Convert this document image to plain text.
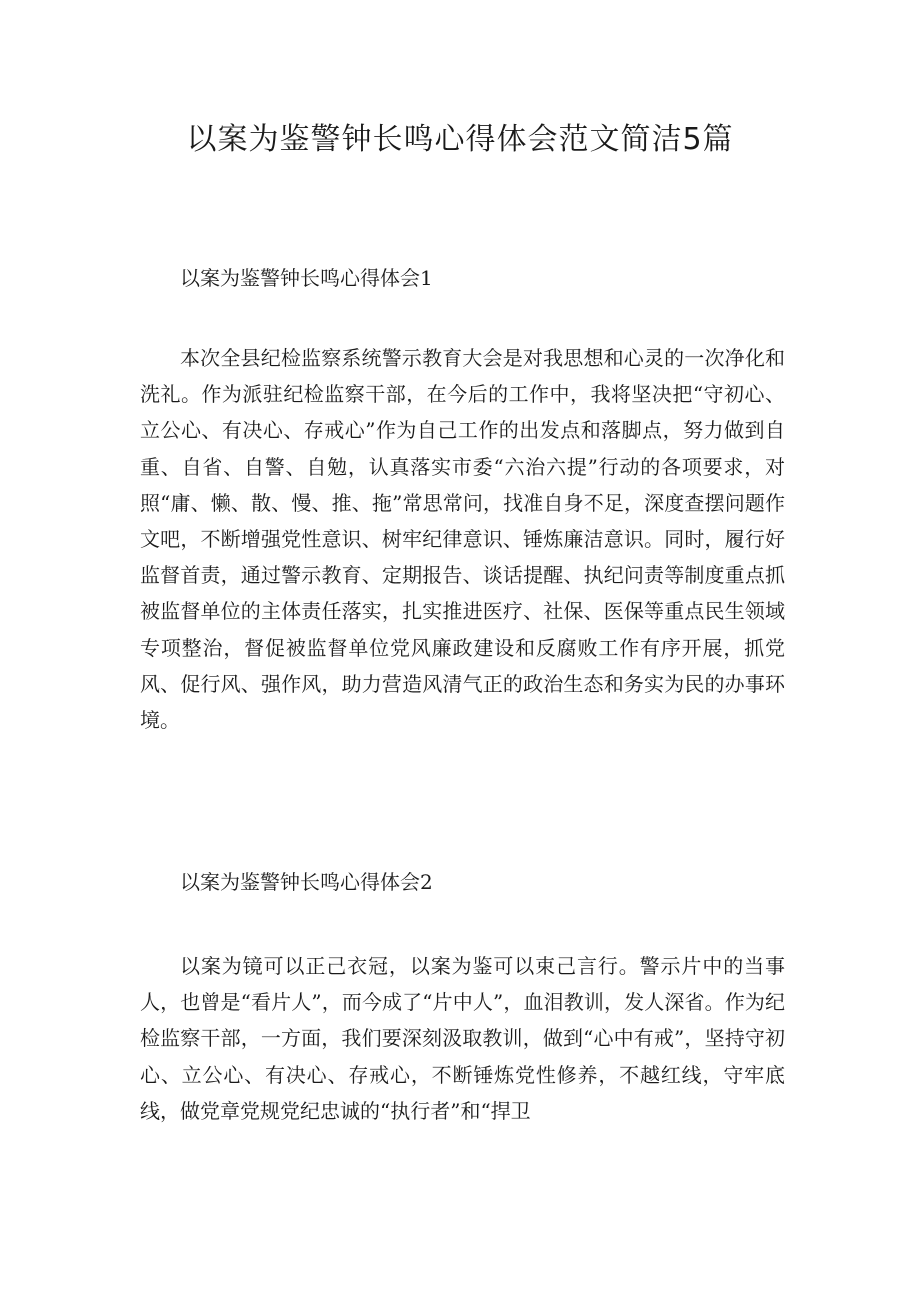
以案为鉴警钟长鸣心得体会范文简洁5篇
以案为鉴警钟长鸣心得体会1

本次全县纪检监察系统警示教育大会是对我思想和心灵的一次净化和洗礼。作为派驻纪检监察干部，在今后的工作中，我将坚决把“守初心、立公心、有决心、存戒心”作为自己工作的出发点和落脚点，努力做到自重、自省、自警、自勉，认真落实市委“六治六提”行动的各项要求，对照“庸、懒、散、慢、推、拖”常思常问，找准自身不足，深度查摆问题作文吧，不断增强党性意识、树牢纪律意识、锤炼廉洁意识。同时，履行好监督首责，通过警示教育、定期报告、谈话提醒、执纪问责等制度重点抓被监督单位的主体责任落实，扎实推进医疗、社保、医保等重点民生领域专项整治，督促被监督单位党风廉政建设和反腐败工作有序开展，抓党风、促行风、强作风，助力营造风清气正的政治生态和务实为民的办事环境。

以案为鉴警钟长鸣心得体会2

以案为镜可以正己衣冠，以案为鉴可以束己言行。警示片中的当事人，也曾是“看片人”，而今成了“片中人”，血泪教训，发人深省。作为纪检监察干部，一方面，我们要深刻汲取教训，做到“心中有戒”，坚持守初心、立公心、有决心、存戒心，不断锤炼党性修养，不越红线，守牢底线，做党章党规党纪忠诚的“执行者”和“捍卫
